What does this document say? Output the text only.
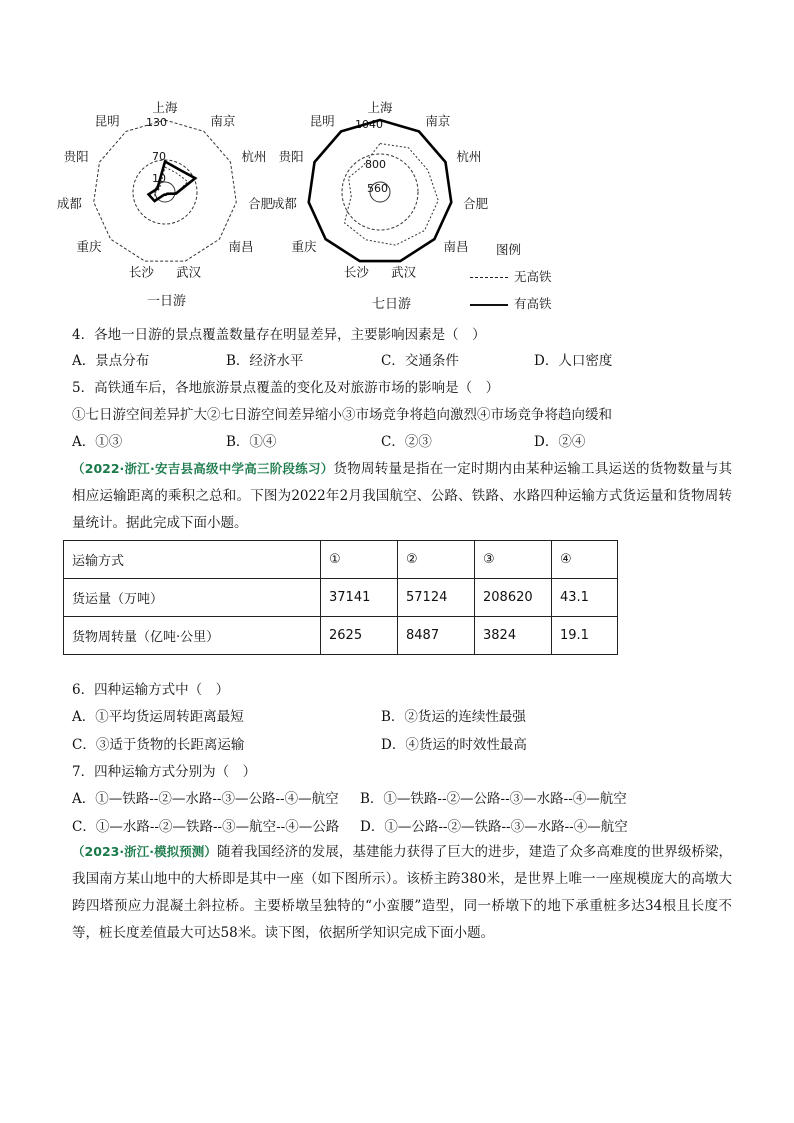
130
70
10
上海
南京
杭州
合肥
南昌
武汉
长沙
重庆
成都
贵阳
昆明
一日游
1040
800
560
上海
南京
杭州
合肥
南昌
武汉
长沙
重庆
成都
贵阳
昆明
七日游
图例
无高铁
有高铁
4．各地一日游的景点覆盖数量存在明显差异，主要影响因素是（　）
A．景点分布	B．经济水平	C．交通条件	D．人口密度
5．高铁通车后，各地旅游景点覆盖的变化及对旅游市场的影响是（　）
①七日游空间差异扩大②七日游空间差异缩小③市场竞争将趋向激烈④市场竞争将趋向缓和
A．①③	B．①④	C．②③	D．②④
（2022·浙江·安吉县高级中学高三阶段练习）货物周转量是指在一定时期内由某种运输工具运送的货物数量与其相应运输距离的乘积之总和。下图为2022年2月我国航空、公路、铁路、水路四种运输方式货运量和货物周转量统计。据此完成下面小题。
运输方式	①	②	③	④
货运量（万吨）	37141	57124	208620	43.1
货物周转量（亿吨·公里）	2625	8487	3824	19.1
6．四种运输方式中（　）
A．①平均货运周转距离最短	B．②货运的连续性最强
C．③适于货物的长距离运输	D．④货运的时效性最高
7．四种运输方式分别为（　）
A．①—铁路--②—水路--③—公路--④—航空 B．①—铁路--②—公路--③—水路--④—航空
C．①—水路--②—铁路--③—航空--④—公路 D．①—公路--②—铁路--③—水路--④—航空
（2023·浙江·模拟预测）随着我国经济的发展，基建能力获得了巨大的进步，建造了众多高难度的世界级桥梁，我国南方某山地中的大桥即是其中一座（如下图所示）。该桥主跨380米，是世界上唯一一座规模庞大的高墩大跨四塔预应力混凝土斜拉桥。主要桥墩呈独特的“小蛮腰”造型，同一桥墩下的地下承重桩多达34根且长度不等，桩长度差值最大可达58米。读下图，依据所学知识完成下面小题。
